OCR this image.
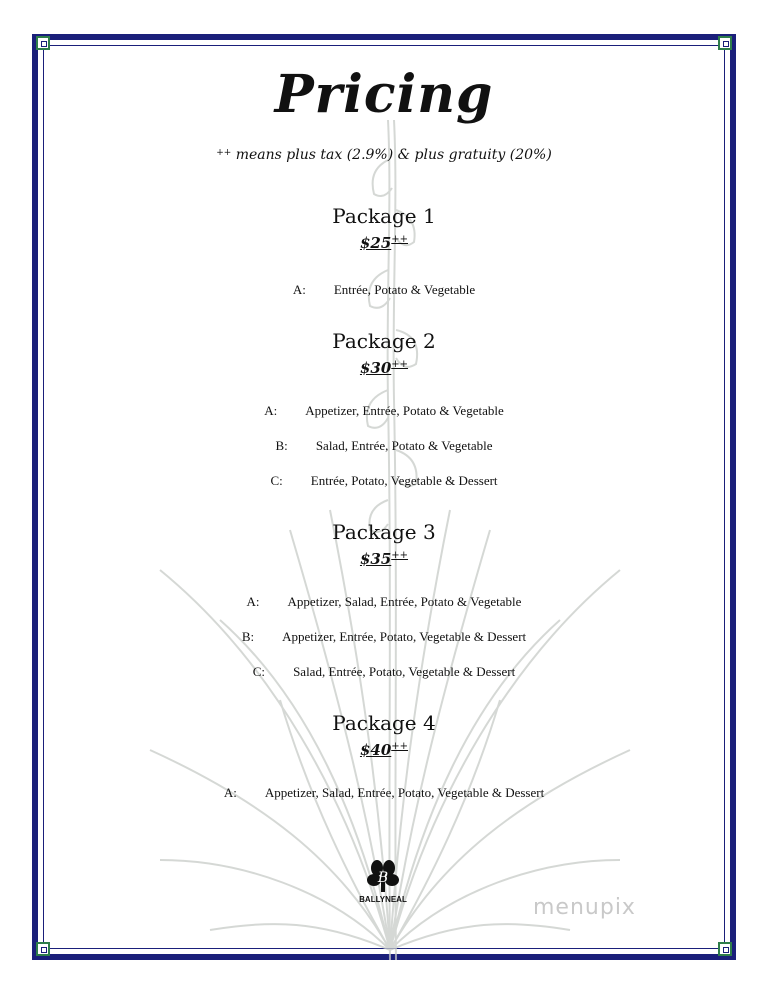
Pricing
++ means plus tax (2.9%) & plus gratuity (20%)
Package 1
$25++
A: Entrée, Potato & Vegetable
Package 2
$30++
A: Appetizer, Entrée, Potato & Vegetable
B: Salad, Entrée, Potato & Vegetable
C: Entrée, Potato, Vegetable & Dessert
Package 3
$35++
A: Appetizer, Salad, Entrée, Potato & Vegetable
B: Appetizer, Entrée, Potato, Vegetable & Dessert
C: Salad, Entrée, Potato, Vegetable & Dessert
Package 4
$40++
A: Appetizer, Salad, Entrée, Potato, Vegetable & Dessert
B
BALLYNEAL	menupix
